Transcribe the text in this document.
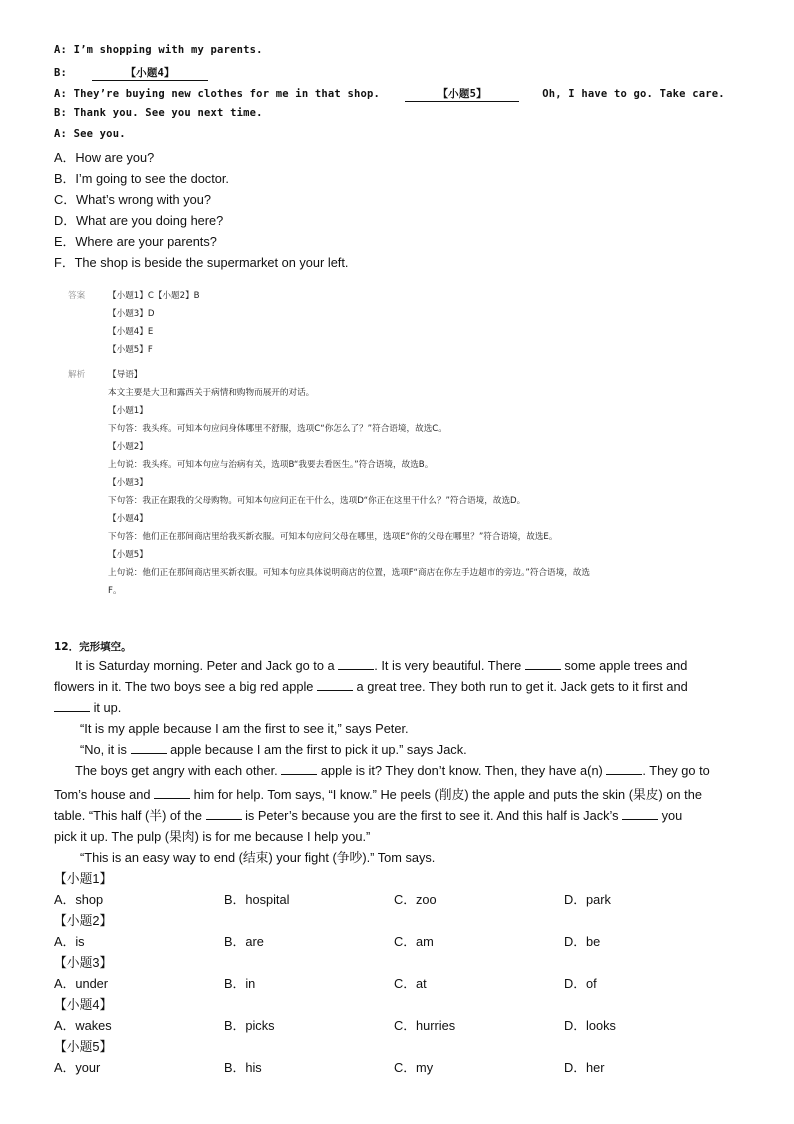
A: I’m shopping with my parents.
B:	【小题4】
A: They’re buying new clothes for me in that shop.	【小题5】	Oh, I have to go. Take care.
B: Thank you. See you next time.
A: See you.
A．How are you?
B．I’m going to see the doctor.
C．What’s wrong with you?
D．What are you doing here?
E．Where are your parents?
F．The shop is beside the supermarket on your left.
答案	【小题1】C【小题2】B
【小题3】D
【小题4】E
【小题5】F
解析	【导语】
本文主要是大卫和露西关于病情和购物而展开的对话。
【小题1】
下句答：我头疼。可知本句应问身体哪里不舒服，选项C“你怎么了？”符合语境，故选C。
【小题2】
上句说：我头疼。可知本句应与治病有关，选项B“我要去看医生。”符合语境，故选B。
【小题3】
下句答：我正在跟我的父母购物。可知本句应问正在干什么，选项D“你正在这里干什么？”符合语境，故选D。
【小题4】
下句答：他们正在那间商店里给我买新衣服。可知本句应问父母在哪里，选项E“你的父母在哪里？”符合语境，故选E。
【小题5】
上句说：他们正在那间商店里买新衣服。可知本句应具体说明商店的位置，选项F“商店在你左手边超市的旁边。”符合语境，故选
F。
12．完形填空。
It is Saturday morning. Peter and Jack go to a	. It is very beautiful. There	some apple trees and
flowers in it. The two boys see a big red apple	a great tree. They both run to get it. Jack gets to it first and
it up.
“It is my apple because I am the first to see it,” says Peter.
“No, it is	apple because I am the first to pick it up.” says Jack.
The boys get angry with each other.	apple is it? They don’t know. Then, they have a(n)	. They go to
Tom’s house and	him for help. Tom says, “I know.” He peels (削皮) the apple and puts the skin (果皮) on the
table. “This half (半) of the	is Peter’s because you are the first to see it. And this half is Jack’s	you
pick it up. The pulp (果肉) is for me because I help you.”
“This is an easy way to end (结束) your fight (争吵).” Tom says.
【小题1】
A．shop	B．hospital	C．zoo	D．park
【小题2】
A．is	B．are	C．am	D．be
【小题3】
A．under	B．in	C．at	D．of
【小题4】
A．wakes	B．picks	C．hurries	D．looks
【小题5】
A．your	B．his	C．my	D．her
